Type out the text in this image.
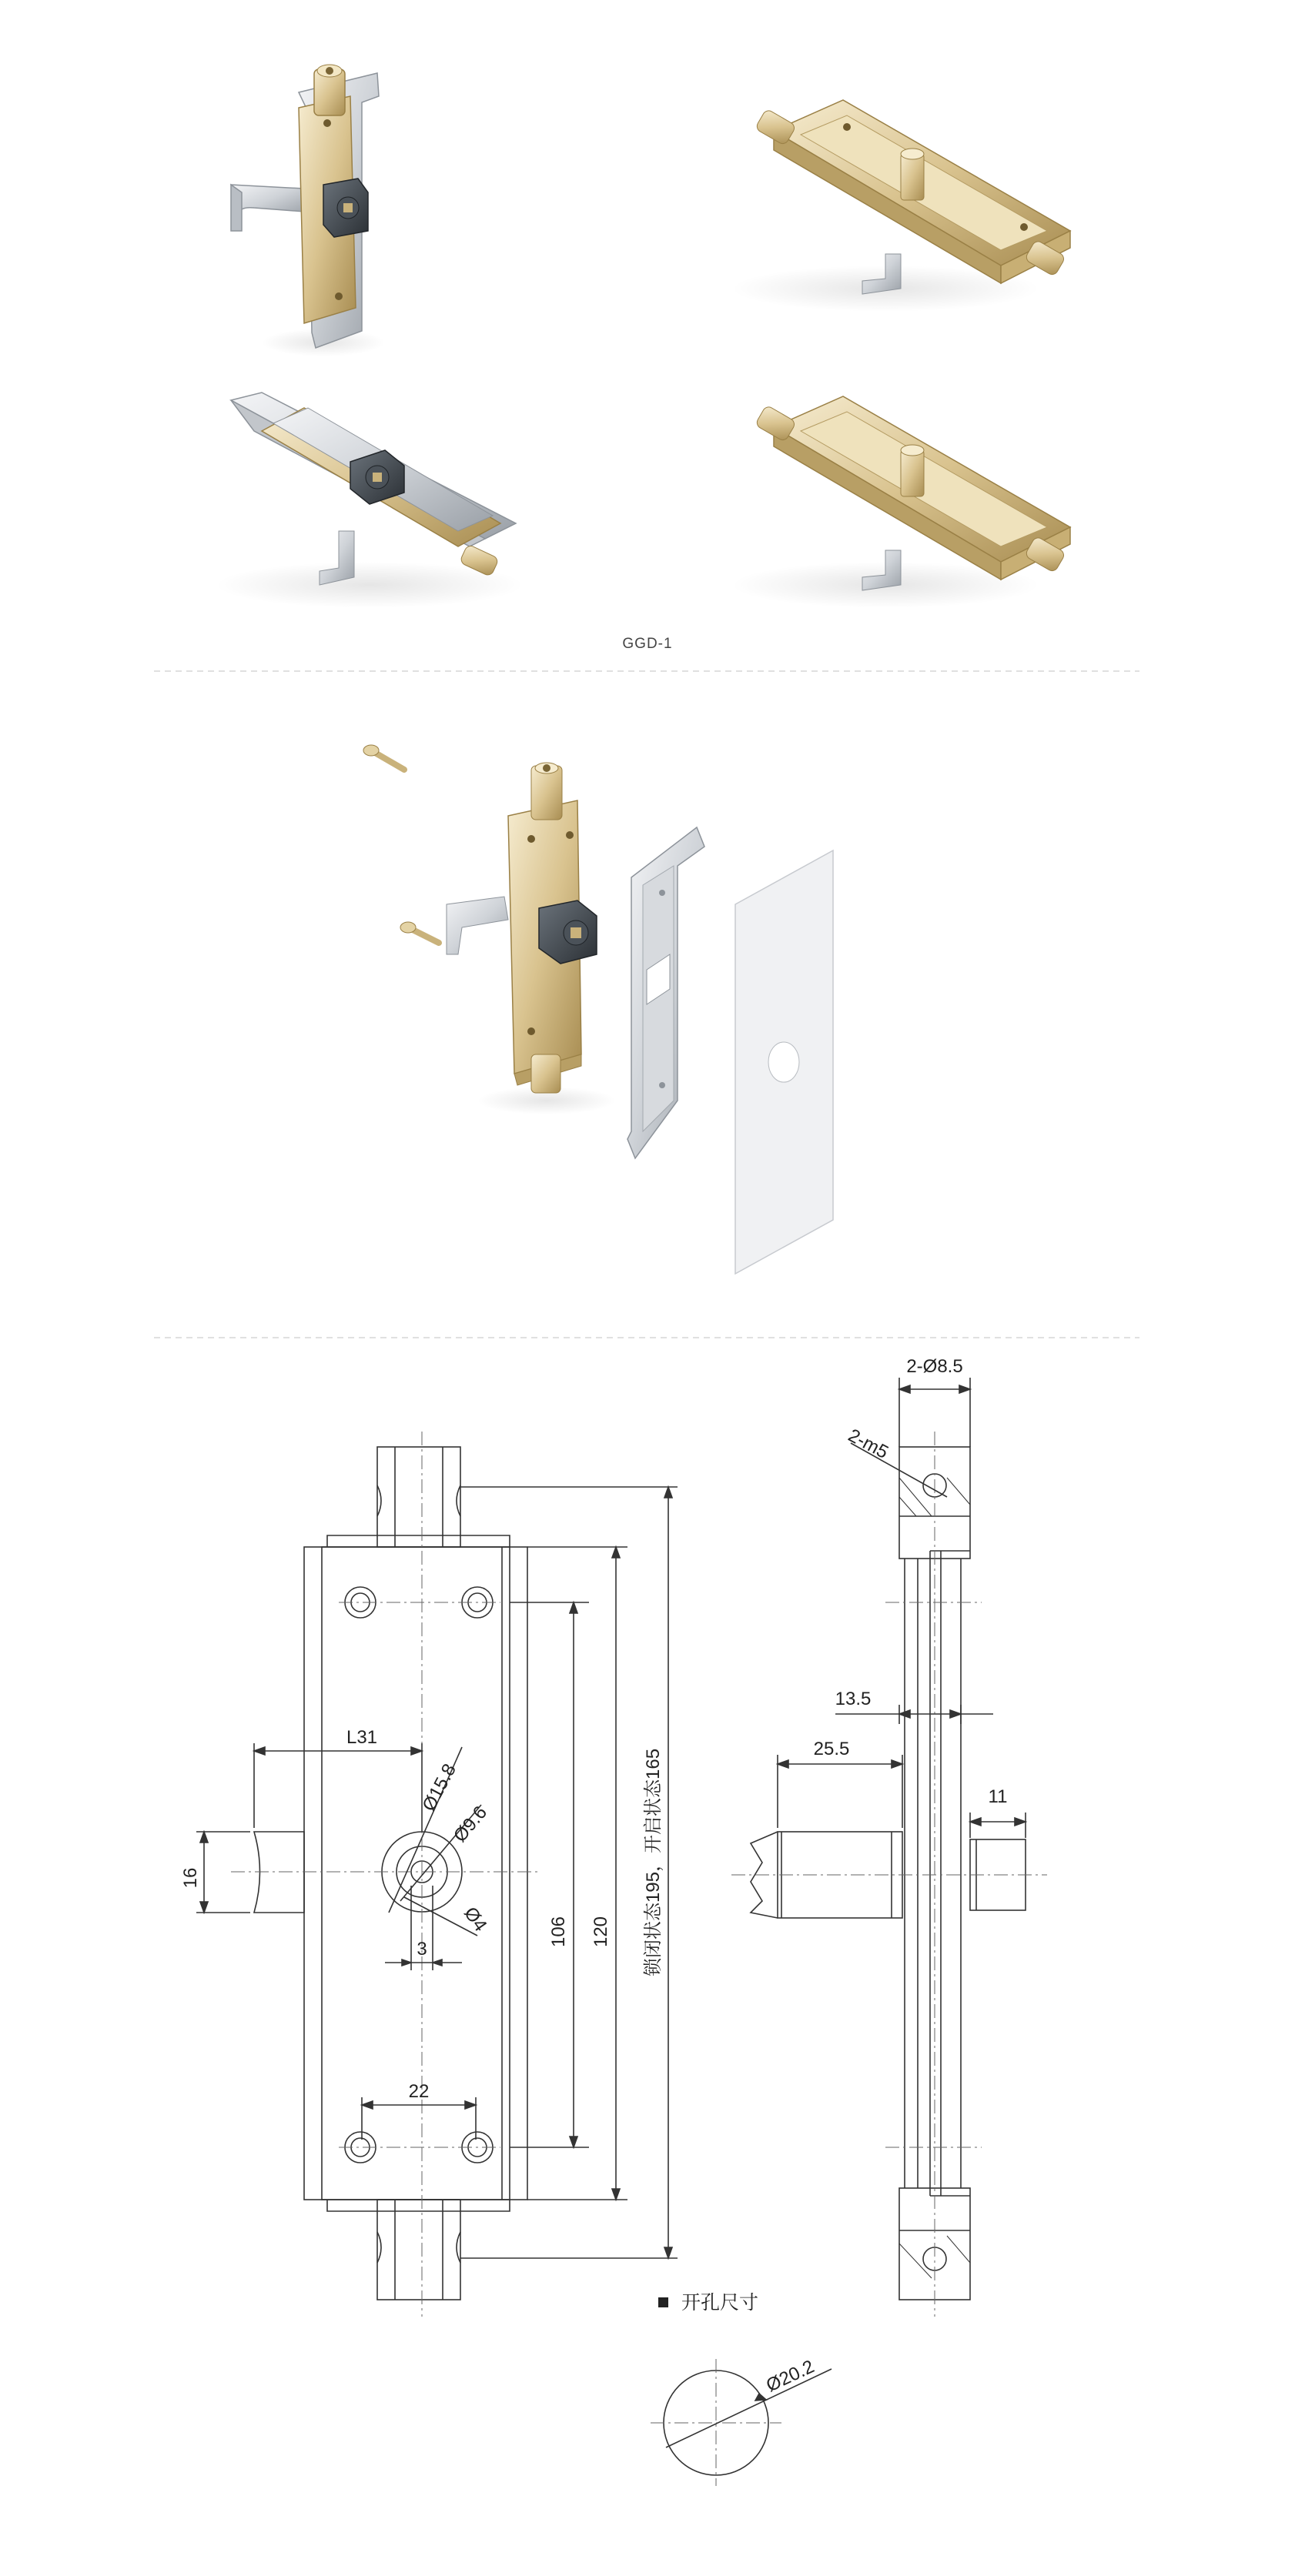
GGD-1
2-Ø8.5
2-m5
Ø15.8
Ø9.6
Ø4
L31
16
3
106 120
22
锁闭状态195，开启状态165
13.5
25.5
11
开孔尺寸
Ø20.2
